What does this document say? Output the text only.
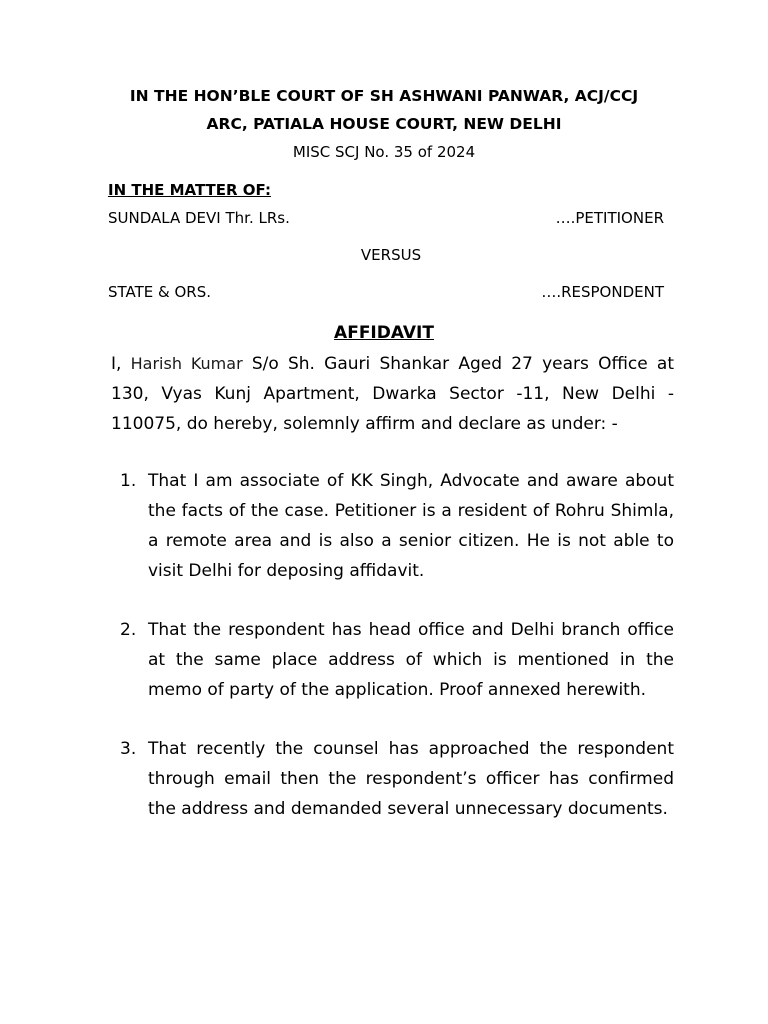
IN THE HON’BLE COURT OF SH ASHWANI PANWAR, ACJ/CCJ
ARC, PATIALA HOUSE COURT, NEW DELHI
MISC SCJ No. 35 of 2024
IN THE MATTER OF:
SUNDALA DEVI Thr. LRs.	….PETITIONER
VERSUS
STATE & ORS.	….RESPONDENT
AFFIDAVIT

I, Harish Kumar S/o Sh. Gauri Shankar Aged 27 years Office at 130, Vyas Kunj Apartment, Dwarka Sector -11, New Delhi - 110075, do hereby, solemnly affirm and declare as under: -

1. That I am associate of KK Singh, Advocate and aware about the facts of the case. Petitioner is a resident of Rohru Shimla, a remote area and is also a senior citizen. He is not able to visit Delhi for deposing affidavit.
2. That the respondent has head office and Delhi branch office at the same place address of which is mentioned in the memo of party of the application. Proof annexed herewith.
3. That recently the counsel has approached the respondent through email then the respondent’s officer has confirmed the address and demanded several unnecessary documents.
